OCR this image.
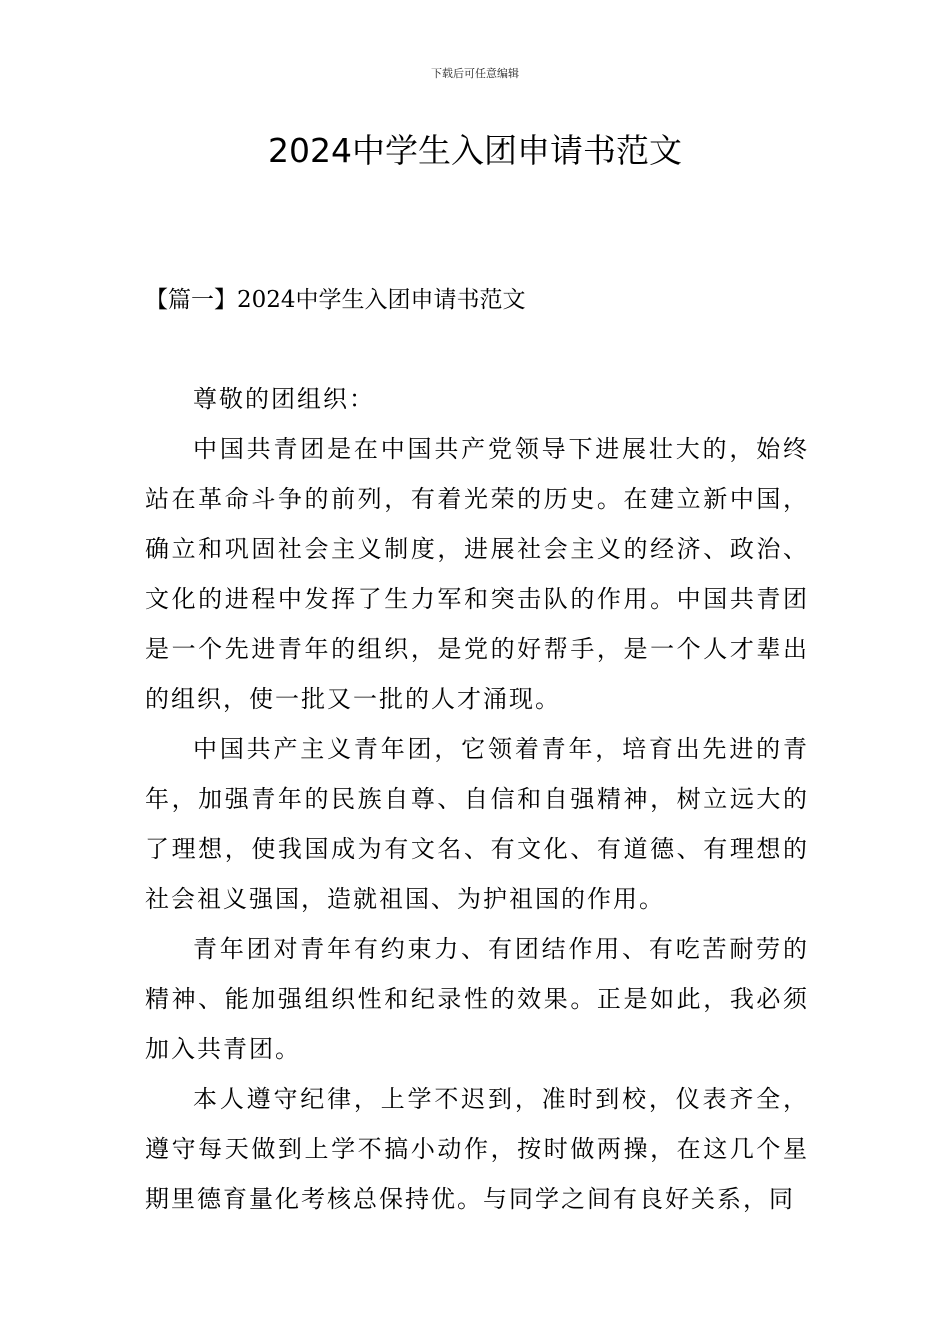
下载后可任意编辑
2024中学生入团申请书范文
【篇一】2024中学生入团申请书范文

尊敬的团组织：

中国共青团是在中国共产党领导下进展壮大的，始终站在革命斗争的前列，有着光荣的历史。在建立新中国，确立和巩固社会主义制度，进展社会主义的经济、政治、文化的进程中发挥了生力军和突击队的作用。中国共青团是一个先进青年的组织，是党的好帮手，是一个人才辈出的组织，使一批又一批的人才涌现。

中国共产主义青年团，它领着青年，培育出先进的青年，加强青年的民族自尊、自信和自强精神，树立远大的了理想，使我国成为有文名、有文化、有道德、有理想的社会祖义强国，造就祖国、为护祖国的作用。

青年团对青年有约束力、有团结作用、有吃苦耐劳的精神、能加强组织性和纪录性的效果。正是如此，我必须加入共青团。

本人遵守纪律，上学不迟到，准时到校，仪表齐全，遵守每天做到上学不搞小动作，按时做两操，在这几个星期里德育量化考核总保持优。与同学之间有良好关系，同
